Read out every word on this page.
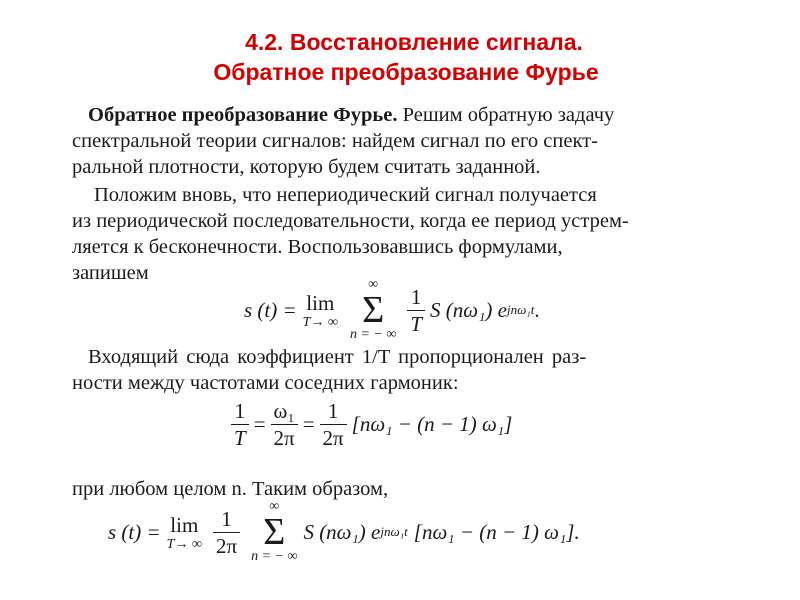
4.2. Восстановление сигнала.
Обратное преобразование Фурье
Обратное преобразование Фурье. Решим обратную задачу
спектральной теории сигналов: найдем сигнал по его спект-
ральной плотности, которую будем считать заданной.
Положим вновь, что непериодический сигнал получается
из периодической последовательности, когда ее период устрем-
ляется к бесконечности. Воспользовавшись формулами,
запишем
s (t) = lim
T→ ∞
∞
Σ
n = − ∞ $\frac{1}{T}$ S (nω₁) e jnω₁t .
Входящий сюда коэффициент 1/T пропорционален раз-
ности между частотами соседних гармоник:
$\frac{1}{T} = \frac{\text{ω₁}}{2\pi} = \frac{1}{2\pi} [n\omega_1 - (n - 1)$ ω₁]
при любом целом n. Таким образом,
s (t) = lim
T→ ∞ $\frac{1}{2\pi}$ ∞
Σ
n = − ∞
S (nω₁) e jnω₁t [nω₁ − (n − 1) ω₁].
